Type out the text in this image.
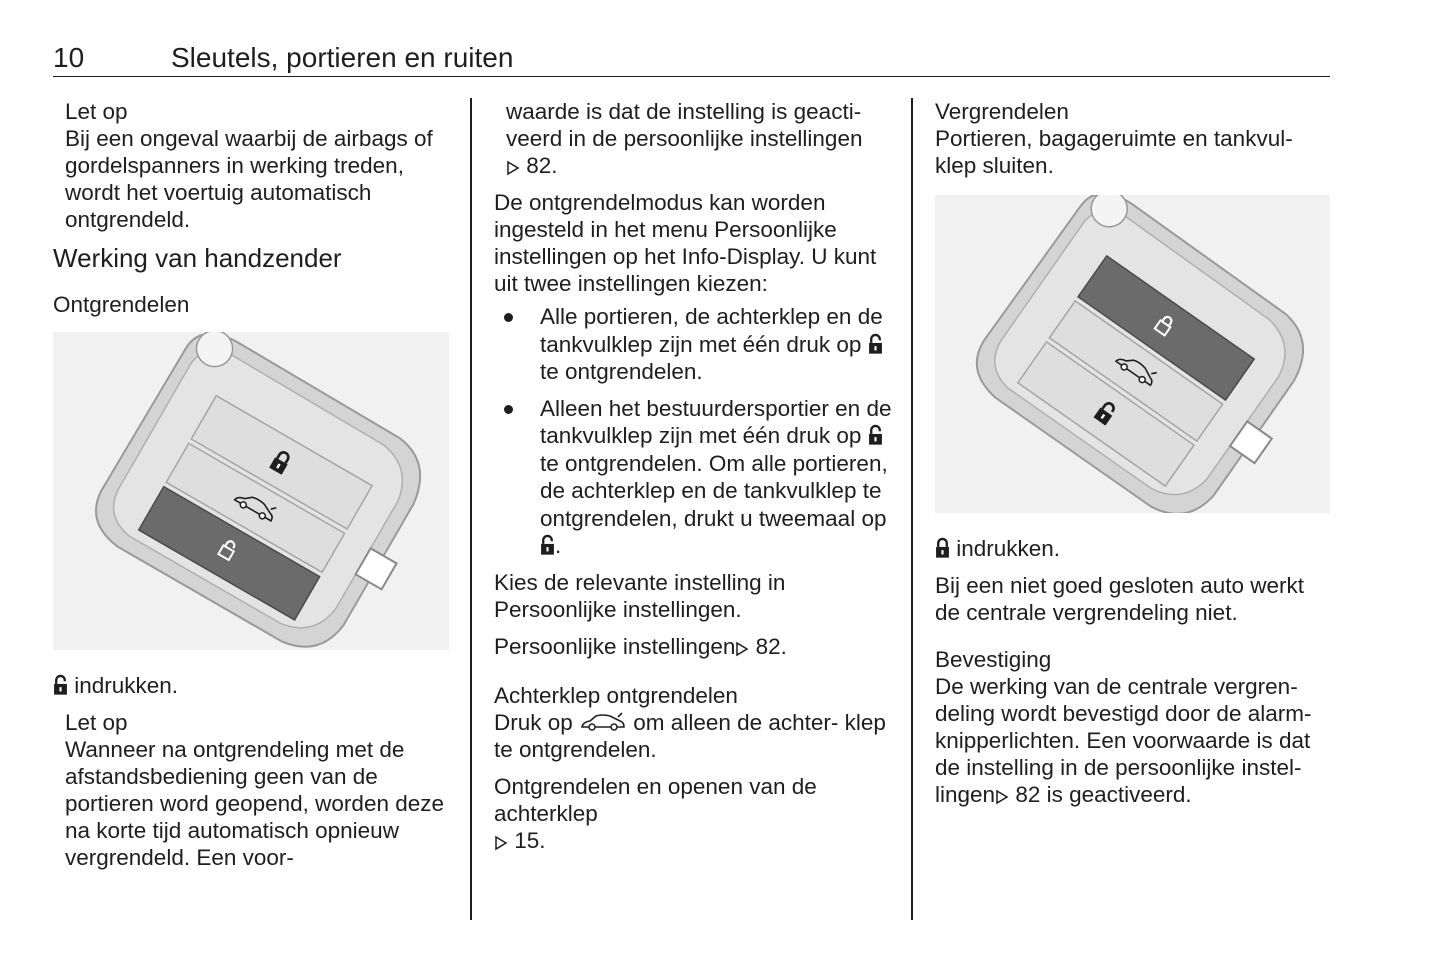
10	Sleutels, portieren en ruiten
Let op

Bij een ongeval waarbij de airbags of gordelspanners in werking treden, wordt het voertuig automatisch ontgrendeld.

Werking van handzender
Ontgrendelen

indrukken.

Let op

Wanneer na ontgrendeling met de afstandsbediening geen van de portieren word geopend, worden deze na korte tijd automatisch opnieuw vergrendeld. Een voor-

waarde is dat de instelling is geacti- veerd in de persoonlijke instellingen
82.

De ontgrendelmodus kan worden ingesteld in het menu Persoonlijke instellingen op het Info-Display. U kunt uit twee instellingen kiezen:

Alle portieren, de achterklep en de tankvulklep zijn met één druk op  te ontgrendelen.
Alleen het bestuurdersportier en de tankvulklep zijn met één druk op  te ontgrendelen. Om alle portieren, de achterklep en de tankvulklep te ontgrendelen, drukt u tweemaal op .

Kies de relevante instelling in Persoonlijke instellingen.

Persoonlijke instellingen 82.

Achterklep ontgrendelen

Druk op  om alleen de achter- klep te ontgrendelen.

Ontgrendelen en openen van de achterklep
15.

Vergrendelen

Portieren, bagageruimte en tankvul- klep sluiten.

indrukken.

Bij een niet goed gesloten auto werkt de centrale vergrendeling niet.

Bevestiging

De werking van de centrale vergren- deling wordt bevestigd door de alarm- knipperlichten. Een voorwaarde is dat de instelling in de persoonlijke instel- lingen 82 is geactiveerd.
